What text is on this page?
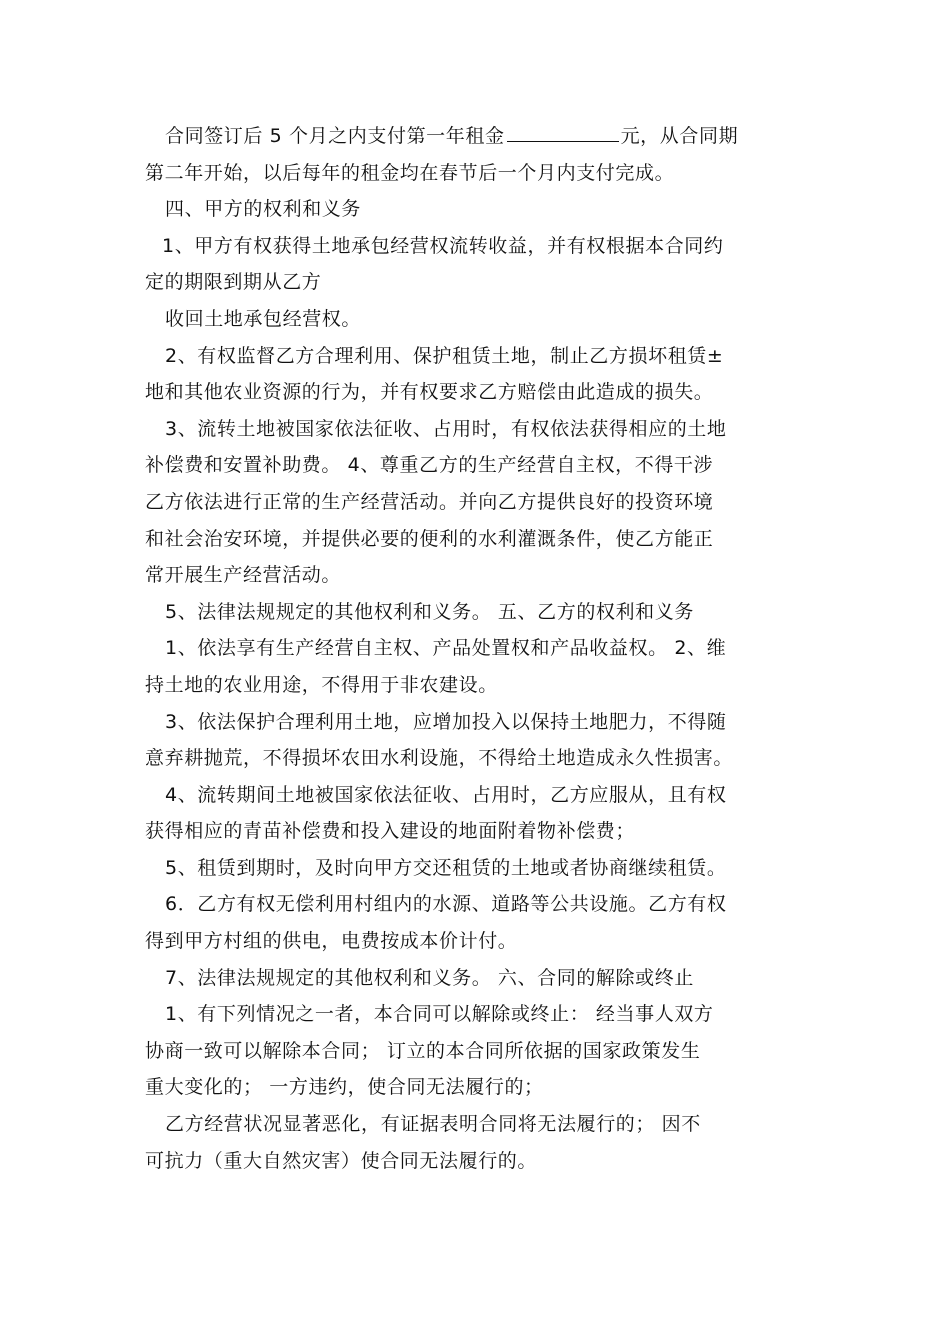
合同签订后 5 个月之内支付第一年租金	元，从合同期
第二年开始，以后每年的租金均在春节后一个月内支付完成。
四、甲方的权利和义务
1、甲方有权获得土地承包经营权流转收益，并有权根据本合同约
定的期限到期从乙方
收回土地承包经营权。
2、有权监督乙方合理利用、保护租赁土地，制止乙方损坏租赁±
地和其他农业资源的行为，并有权要求乙方赔偿由此造成的损失。
3、流转土地被国家依法征收、占用时，有权依法获得相应的土地
补偿费和安置补助费。 4、尊重乙方的生产经营自主权，不得干涉
乙方依法进行正常的生产经营活动。并向乙方提供良好的投资环境
和社会治安环境，并提供必要的便利的水利灌溉条件，使乙方能正
常开展生产经营活动。
5、法律法规规定的其他权利和义务。 五、乙方的权利和义务
1、依法享有生产经营自主权、产品处置权和产品收益权。 2、维
持土地的农业用途，不得用于非农建设。
3、依法保护合理利用土地，应增加投入以保持土地肥力，不得随
意弃耕抛荒，不得损坏农田水利设施，不得给土地造成永久性损害。
4、流转期间土地被国家依法征收、占用时，乙方应服从，且有权
获得相应的青苗补偿费和投入建设的地面附着物补偿费；
5、租赁到期时，及时向甲方交还租赁的土地或者协商继续租赁。
6．乙方有权无偿利用村组内的水源、道路等公共设施。乙方有权
得到甲方村组的供电，电费按成本价计付。
7、法律法规规定的其他权利和义务。 六、合同的解除或终止
1、有下列情况之一者，本合同可以解除或终止： 经当事人双方
协商一致可以解除本合同； 订立的本合同所依据的国家政策发生
重大变化的； 一方违约，使合同无法履行的；
乙方经营状况显著恶化，有证据表明合同将无法履行的； 因不
可抗力（重大自然灾害）使合同无法履行的。
